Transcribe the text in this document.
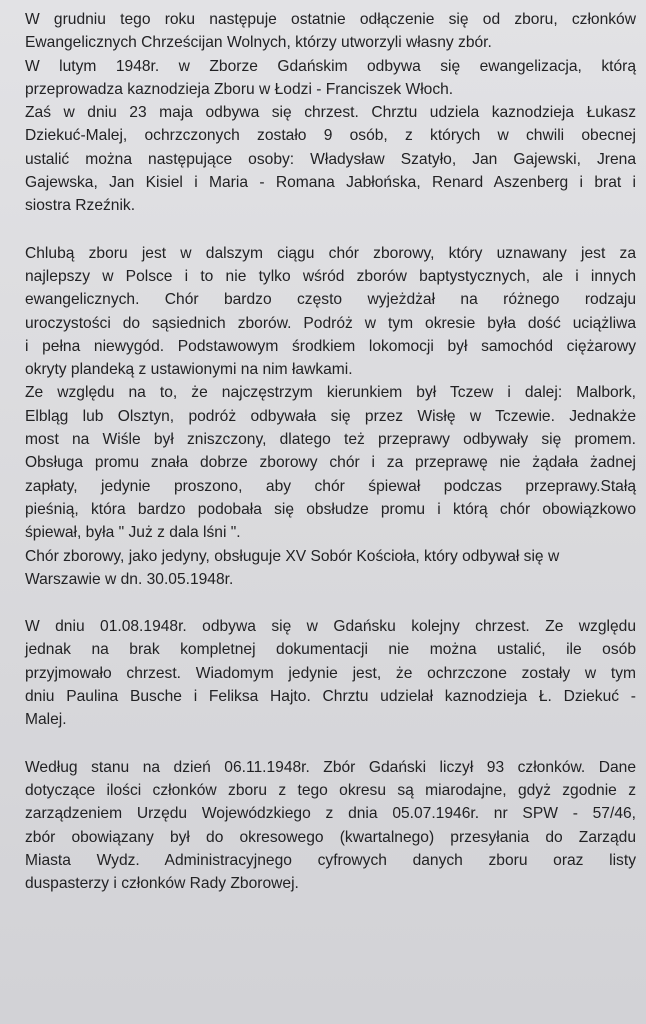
W grudniu tego roku następuje ostatnie odłączenie się od zboru, członków
Ewangelicznych Chrześcijan Wolnych, którzy utworzyli własny zbór.
W lutym 1948r. w Zborze Gdańskim odbywa się ewangelizacja, którą
przeprowadza kaznodzieja Zboru w Łodzi - Franciszek Włoch.
Zaś w dniu 23 maja odbywa się chrzest. Chrztu udziela kaznodzieja Łukasz
Dziekuć-Malej, ochrzczonych zostało 9 osób, z których w chwili obecnej
ustalić można następujące osoby: Władysław Szatyło, Jan Gajewski, Jrena
Gajewska, Jan Kisiel i Maria - Romana Jabłońska, Renard Aszenberg i brat i
siostra Rzeźnik.
Chlubą zboru jest w dalszym ciągu chór zborowy, który uznawany jest za
najlepszy w Polsce i to nie tylko wśród zborów baptystycznych, ale i innych
ewangelicznych. Chór bardzo często wyjeżdżał na różnego rodzaju
uroczystości do sąsiednich zborów. Podróż w tym okresie była dość uciążliwa
i pełna niewygód. Podstawowym środkiem lokomocji był samochód ciężarowy
okryty plandeką z ustawionymi na nim ławkami.
Ze względu na to, że najczęstrzym kierunkiem był Tczew i dalej: Malbork,
Elbląg lub Olsztyn, podróż odbywała się przez Wisłę w Tczewie. Jednakże
most na Wiśle był zniszczony, dlatego też przeprawy odbywały się promem.
Obsługa promu znała dobrze zborowy chór i za przeprawę nie żądała żadnej
zapłaty, jedynie proszono, aby chór śpiewał podczas przeprawy.Stałą
pieśnią, która bardzo podobała się obsłudze promu i którą chór obowiązkowo
śpiewał, była " Już z dala lśni ".
Chór zborowy, jako jedyny, obsługuje XV Sobór Kościoła, który odbywał się w
Warszawie w dn. 30.05.1948r.
W dniu 01.08.1948r. odbywa się w Gdańsku kolejny chrzest. Ze względu
jednak na brak kompletnej dokumentacji nie można ustalić, ile osób
przyjmowało chrzest. Wiadomym jedynie jest, że ochrzczone zostały w tym
dniu Paulina Busche i Feliksa Hajto. Chrztu udzielał kaznodzieja Ł. Dziekuć -
Malej.
Według stanu na dzień 06.11.1948r. Zbór Gdański liczył 93 członków. Dane
dotyczące ilości członków zboru z tego okresu są miarodajne, gdyż zgodnie z
zarządzeniem Urzędu Wojewódzkiego z dnia 05.07.1946r. nr SPW - 57/46,
zbór obowiązany był do okresowego (kwartalnego) przesyłania do Zarządu
Miasta Wydz. Administracyjnego cyfrowych danych zboru oraz listy
duspasterzy i członków Rady Zborowej.
